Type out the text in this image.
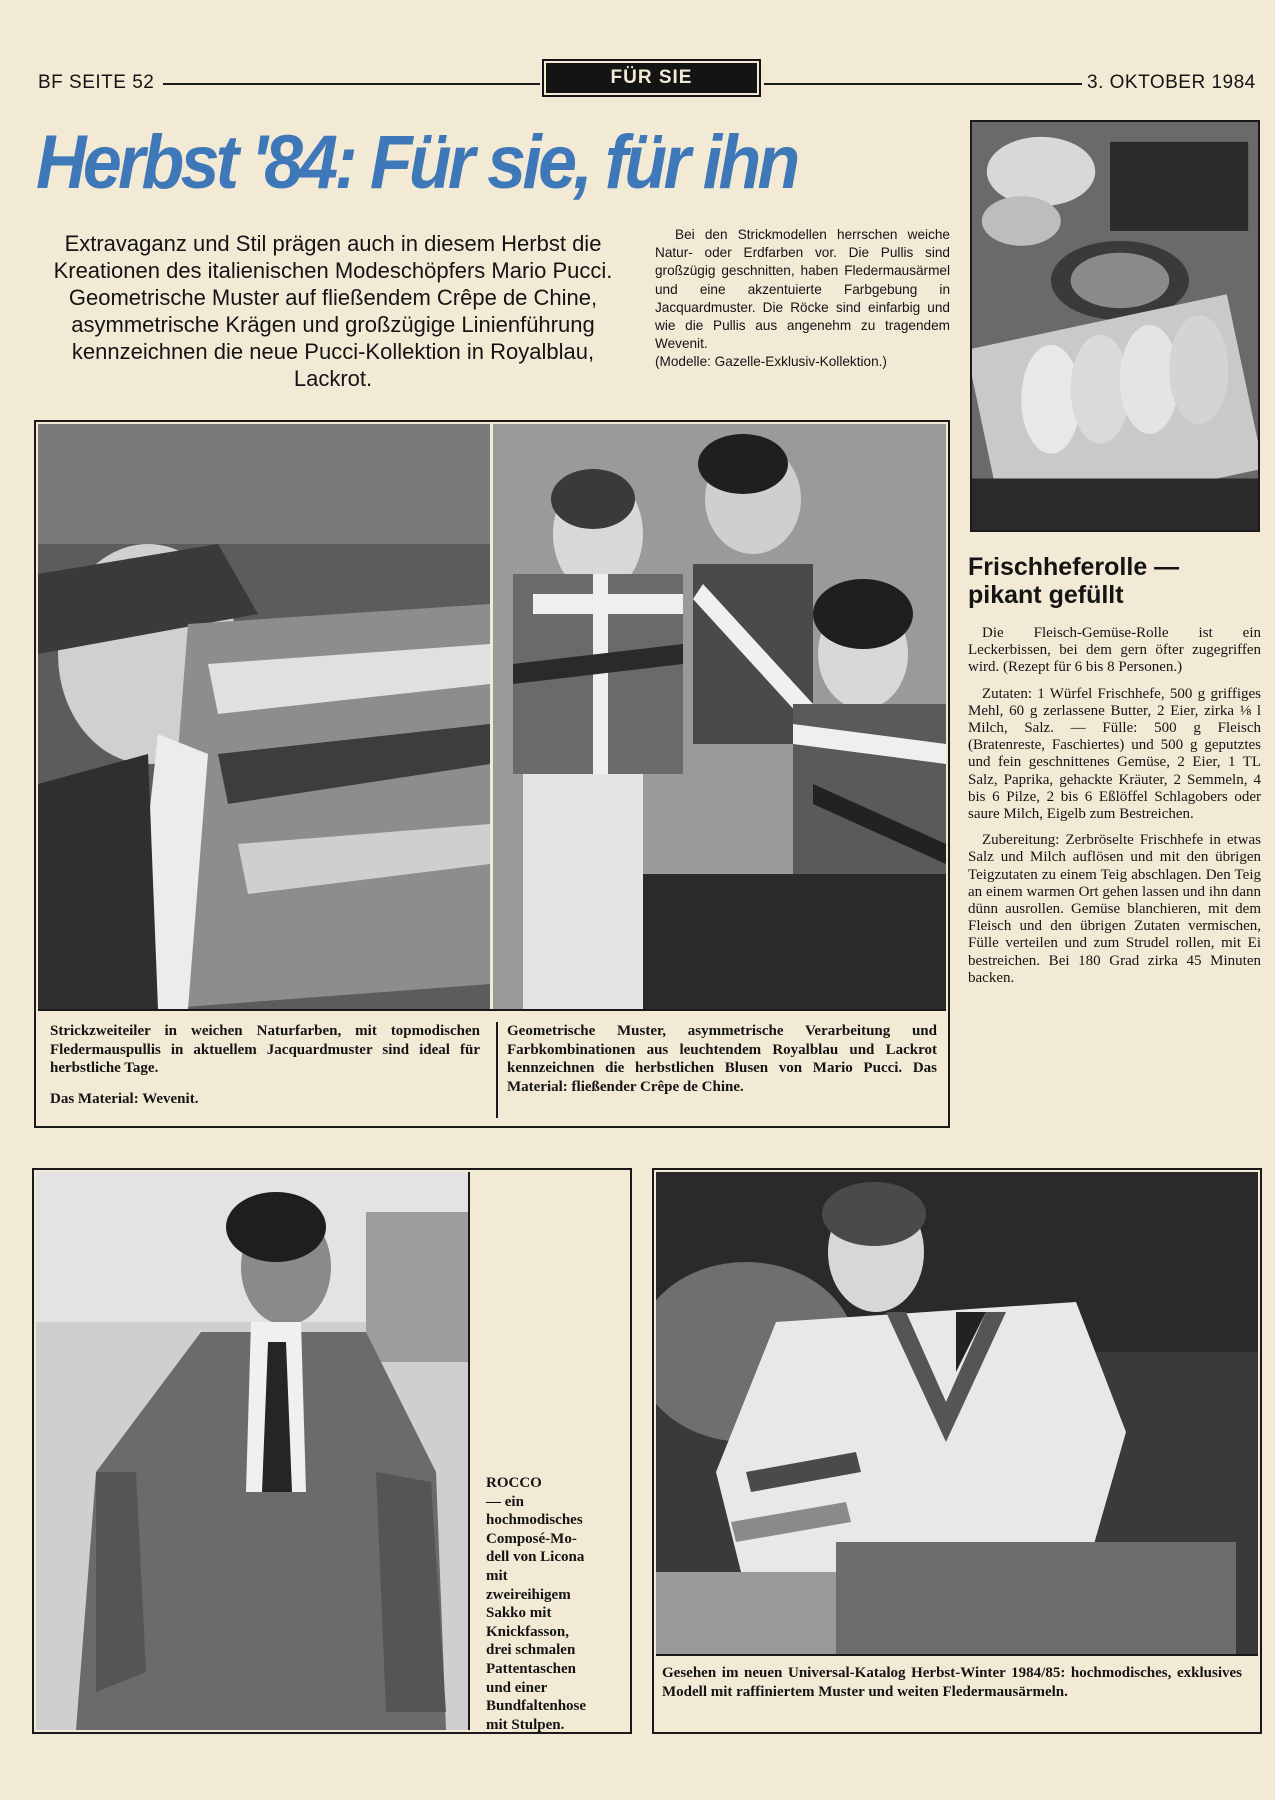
BF SEITE 52	FÜR SIE	3. OKTOBER 1984
Herbst '84: Für sie, für ihn
Extravaganz und Stil prägen auch in diesem Herbst die Kreationen des italienischen Modeschöpfers Mario Pucci. Geometrische Muster auf fließendem Crêpe de Chine, asymmetrische Krägen und großzügige Linienführung kennzeichnen die neue Pucci-Kollektion in Royalblau, Lackrot.

Bei den Strickmodellen herrschen weiche Natur- oder Erdfarben vor. Die Pullis sind großzügig geschnitten, haben Fledermausärmel und eine akzentuierte Farbgebung in Jacquardmuster. Die Röcke sind einfarbig und wie die Pullis aus angenehm zu tragendem Wevenit.

(Modelle: Gazelle-Exklusiv-Kollektion.)
Frischheferolle —
pikant gefüllt

Die Fleisch-Gemüse-Rolle ist ein Leckerbissen, bei dem gern öfter zugegriffen wird. (Rezept für 6 bis 8 Personen.)

Zutaten: 1 Würfel Frischhefe, 500 g griffiges Mehl, 60 g zerlassene Butter, 2 Eier, zirka ⅛ l Milch, Salz. — Fülle: 500 g Fleisch (Bratenreste, Faschiertes) und 500 g geputztes und fein geschnittenes Gemüse, 2 Eier, 1 TL Salz, Paprika, gehackte Kräuter, 2 Semmeln, 4 bis 6 Pilze, 2 bis 6 Eßlöffel Schlagobers oder saure Milch, Eigelb zum Bestreichen.

Zubereitung: Zerbröselte Frischhefe in etwas Salz und Milch auflösen und mit den übrigen Teigzutaten zu einem Teig abschlagen. Den Teig an einem warmen Ort gehen lassen und ihn dann dünn ausrollen. Gemüse blanchieren, mit dem Fleisch und den übrigen Zutaten vermischen, Fülle verteilen und zum Strudel rollen, mit Ei bestreichen. Bei 180 Grad zirka 45 Minuten backen.

Strickzweiteiler in weichen Naturfarben, mit topmodischen Fledermauspullis in aktuellem Jacquardmuster sind ideal für herbstliche Tage.

Das Material: Wevenit.

Geometrische Muster, asymmetrische Verarbeitung und Farbkombinationen aus leuchtendem Royalblau und Lackrot kennzeichnen die herbstlichen Blusen von Mario Pucci. Das Material: fließender Crêpe de Chine.
ROCCO
— ein
hochmodisches
Composé-Mo-
dell von Licona
mit
zweireihigem
Sakko mit
Knickfasson,
drei schmalen
Pattentaschen
und einer
Bundfaltenhose
mit Stulpen.
Gesehen im neuen Universal-Katalog Herbst-Winter 1984/85: hochmodisches, exklusives Modell mit raffiniertem Muster und weiten Fledermausärmeln.
